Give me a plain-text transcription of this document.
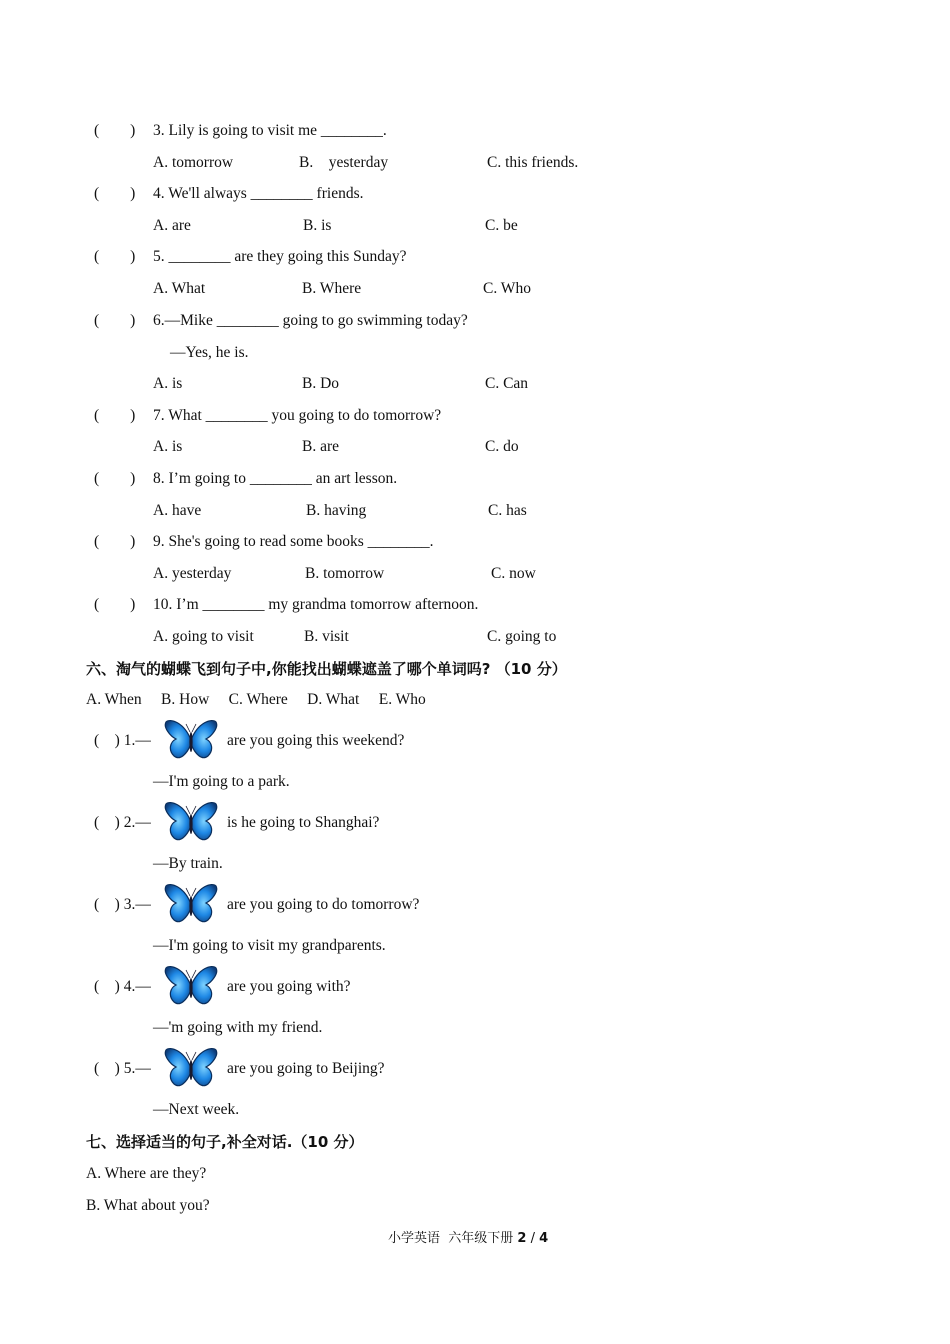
(        ) 3. Lily is going to visit me ________.
A. tomorrow	B.    yesterday	C. this friends.
(        ) 4. We'll always ________ friends.
A. are	B. is	C. be
(        ) 5. ________ are they going this Sunday?
A. What	B. Where	C. Who
(        ) 6.—Mike ________ going to go swimming today?
—Yes, he is.
A. is	B. Do	C. Can
(        ) 7. What ________ you going to do tomorrow?
A. is	B. are	C. do
(        ) 8. I’m going to ________ an art lesson.
A. have	B. having	C. has
(        ) 9. She's going to read some books ________.
A. yesterday	B. tomorrow	C. now
(        ) 10. I’m ________ my grandma tomorrow afternoon.
A. going to visit	B. visit	C. going to
六、淘气的蝴蝶飞到句子中,你能找出蝴蝶遮盖了哪个单词吗? （10 分）
A. When     B. How     C. Where     D. What     E. Who
(    ) 1.—	are you going this weekend?
—I'm going to a park.
(    ) 2.—	is he going to Shanghai?
—By train.
(    ) 3.—	are you going to do tomorrow?
—I'm going to visit my grandparents.
(    ) 4.—	are you going with?
—'m going with my friend.
(    ) 5.—	are you going to Beijing?
—Next week.
七、选择适当的句子,补全对话.（10 分）
A. Where are they?
B. What about you?
小学英语  六年级下册 2 / 4
